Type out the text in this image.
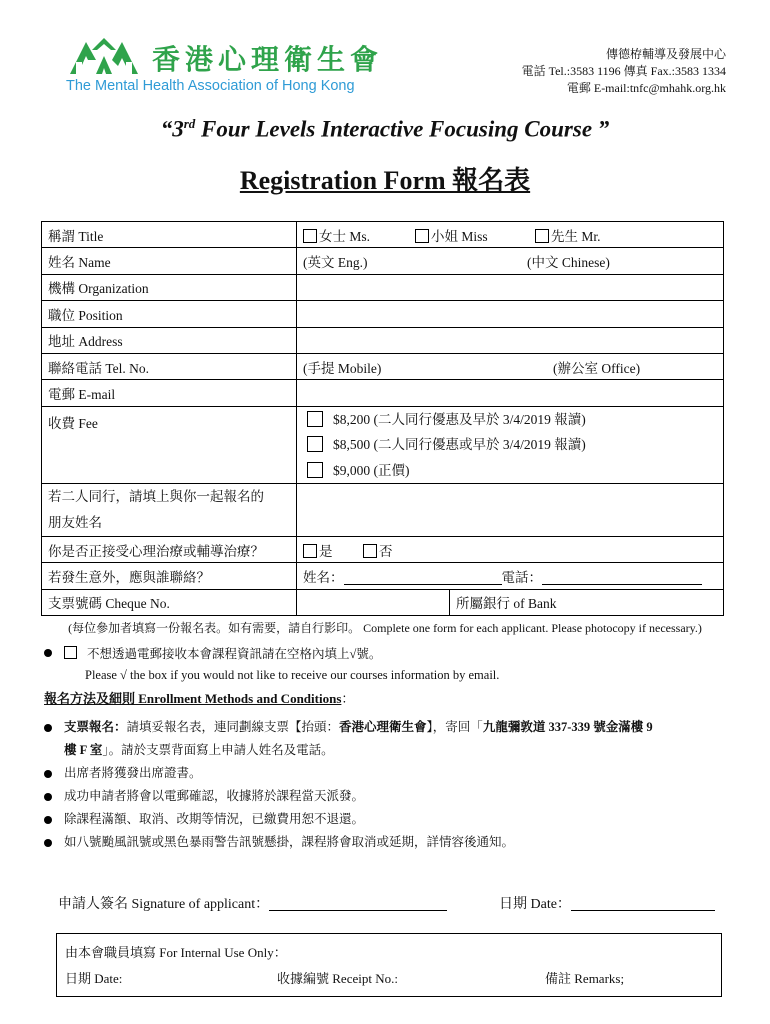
香港心理衛生會
The Mental Health Association of Hong Kong
傳德栫輔導及發展中心
電話 Tel.:3583 1196 傳真 Fax.:3583 1334
電郵 E-mail:tnfc@mhahk.org.hk
“3rd Four Levels Interactive Focusing Course ”
Registration Form 報名表
稱謂 Title	女士 Ms. 小姐 Miss 先生 Mr.	
姓名 Name	(英文 Eng.) (中文 Chinese)	
機構 Organization		
職位 Position		
地址 Address		
聯絡電話 Tel. No.	(手提 Mobile) (辦公室 Office)	
電郵 E-mail		
收費 Fee	$8,200 (二人同行優惠及早於 3/4/2019 報讀)
$8,500 (二人同行優惠或早於 3/4/2019 報讀)
$9,000 (正價)	

若二人同行，請填上與你一起報名的
朋友姓名		

你是否正接受心理治療或輔導治療？	是 否	
若發生意外，應與誰聯絡？	姓名： 電話：	
支票號碼 Cheque No.		所屬銀行 of Bank
(每位參加者填寫一份報名表。如有需要，請自行影印。 Complete one form for each applicant. Please photocopy if necessary.)
不想透過電郵接收本會課程資訊請在空格內填上√號。
Please √ the box if you would not like to receive our courses information by email.
報名方法及細則 Enrollment Methods and Conditions：
支票報名：請填妥報名表，連同劃線支票【抬頭：香港心理衛生會】，寄回「九龍彌敦道 337-339 號金滿樓 9
樓 F 室」。請於支票背面寫上申請人姓名及電話。
出席者將獲發出席證書。
成功申請者將會以電郵確認，收據將於課程當天派發。
除課程滿額、取消、改期等情況，已繳費用恕不退還。
如八號颱風訊號或黑色暴雨警告訊號懸掛，課程將會取消或延期，詳情容後通知。
申請人簽名 Signature of applicant：	日期 Date：
由本會職員填寫 For Internal Use Only：
日期 Date:	收據編號 Receipt No.:	備註 Remarks;
